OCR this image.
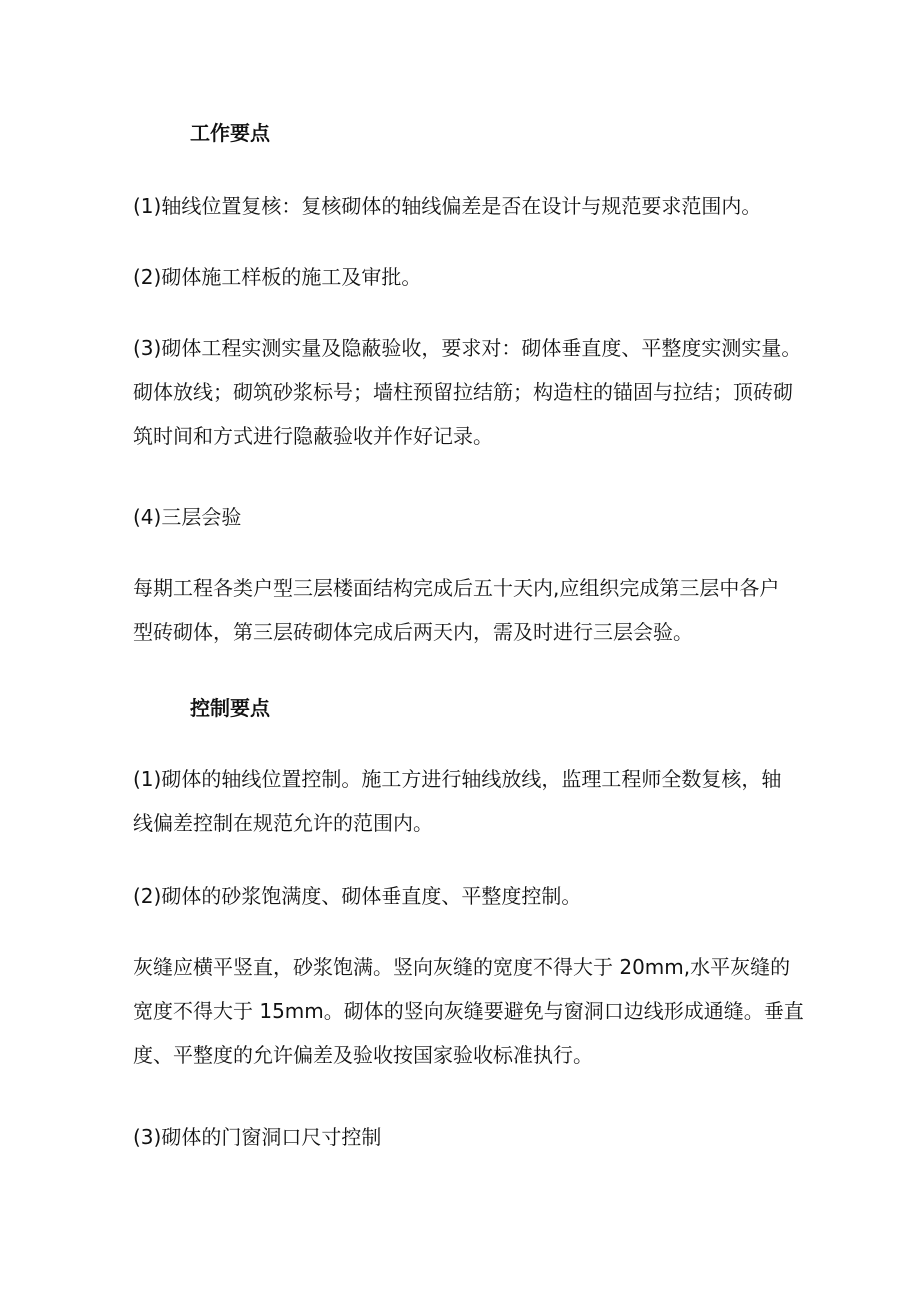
工作要点
(1)轴线位置复核：复核砌体的轴线偏差是否在设计与规范要求范围内。
(2)砌体施工样板的施工及审批。
(3)砌体工程实测实量及隐蔽验收，要求对：砌体垂直度、平整度实测实量。
砌体放线；砌筑砂浆标号；墙柱预留拉结筋；构造柱的锚固与拉结；顶砖砌
筑时间和方式进行隐蔽验收并作好记录。
(4)三层会验
每期工程各类户型三层楼面结构完成后五十天内,应组织完成第三层中各户
型砖砌体，第三层砖砌体完成后两天内，需及时进行三层会验。
控制要点
(1)砌体的轴线位置控制。施工方进行轴线放线，监理工程师全数复核，轴
线偏差控制在规范允许的范围内。
(2)砌体的砂浆饱满度、砌体垂直度、平整度控制。
灰缝应横平竖直，砂浆饱满。竖向灰缝的宽度不得大于 20mm,水平灰缝的
宽度不得大于 15mm。砌体的竖向灰缝要避免与窗洞口边线形成通缝。垂直
度、平整度的允许偏差及验收按国家验收标准执行。
(3)砌体的门窗洞口尺寸控制
